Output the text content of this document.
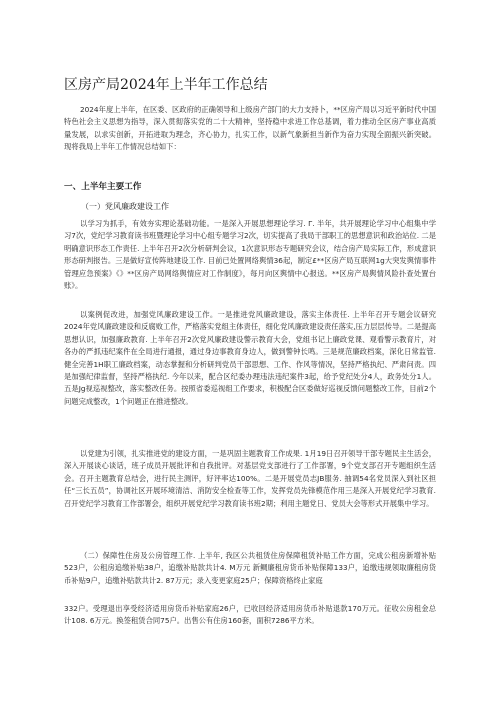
区房产局2024年上半年工作总结

2024年度上半年，在区委、区政府的正确领导和上级房产部门的大力支持卜，**区房产局以习近平新时代中国特色社会主义思想为指导，深入贯彻落实党的二十大精神，坚持稳中求进工作总基调，着力推动全区房产事业高质量发展，以求实创新，开拓进取为理念，齐心协力，扎实工作，以新气象新担当新作为奋力实现全面振兴新突破。现将我局上半年工作情况总结如下：

一、上半年主要工作
（一）党风廉政建设工作

以学习为抓手，有效夯实理论基础功能。一是深入开展思想理论学习. Γ. 半年，共开展理论学习中心组集中学习7次，党纪学习教育读书班暨理论学习中心组专题学习2次，切实提高了我局干部职工的思想意识和政治站位. 二是明确意识形态工作责任. 上半年召开2次分析研判会议，1次意识形态专题研究会议，结合房产局实际工作，形成意识形态研判报告。三是做好宣传阵地建设工作. 目前已处置网络舆情36起，制定£**区房产局互联网1g大突发舆情事件管理应急预案》《》**区房产局网络舆情应对工作制度》，每月向区舆情中心报送。**区房产局舆情风险扑查处置台账》。

以案例促改进，加强党风廉政建设工作。一是推进党风廉政建设，落实主体责任. 上半年召开专题会议研究2024年党风廉政建设和反腐败工作，严格落实党组主体责任，细化党风廉政建设责任落实,压力层层传导。二是提高思想认识，加强廉政教育. 上半年召开2次党风廉政建设警示教育大会，党组书记上廉政党课、观看警示教育片，对各办的严抓违纪案件在全局进行通报，通过身边事教育身边人，做到警钟长鸣。三是规范廉政档案，深化日常监管. 健全完善1H职工廉政档案，动态掌握和分析研判党员干部思想、工作、作风等情况，坚持严格执纪、严肃问责。四是加强纪律监督，坚持严格执纪. 今年以来，配合区纪委办理违法违纪案件3起，给予党纪处分4人，政务处分1人。五是Jg视巡视整改，落实整改任务。按照省委巡视组工作要求，积极配合区委做好巡视反馈问题整改工作，目前2个问题完成整改，1个问题正在推进整改。

以党建为引领，扎实推进党的建设方面，一是巩固主题教育工作成果. 1月19日召开领导干部专题民主生活会，深入开展谈心谈话，班子成员开展批评和自我批评。对基层党支部进行了工作部署，9个党支部召开专题组织生活会。召开主题教育总结会，进行民主测评，好评率达100%。二是开展党员志JB服务. 抽调54名党员深入到社区担任“三长五员”，协调社区开展环境清洁、消防安全检查等工作，发挥党员先锋模范作用三是深入开展党纪学习教育. 召开党纪学习教育工作部署会，组织开展党纪学习教育读书班2期；利用主题党日、党员大会等形式开展集中学习。

（二）保障性住房及公房管理工作. 上半年, 我区公共租赁住房保障租赁补贴工作方面，完成公租房新增补贴523户，公租房追缴补贴38户，追缴补贴款共计4. M万元 新鲷廉租房货币补贴保障133户，追缴违规领取廉租房货币补贴9户，追缴补贴款共计2. 87万元；录入变更家庭25户；保障资格终止家庭

332户。受理退出享受经济适用房货币补贴家庭26户，已收回经济适用房货币补贴退款170万元。征收公房租金总计108. 6万元。换签租赁合同75户。出售公有住房160套，面积7286平方米。
